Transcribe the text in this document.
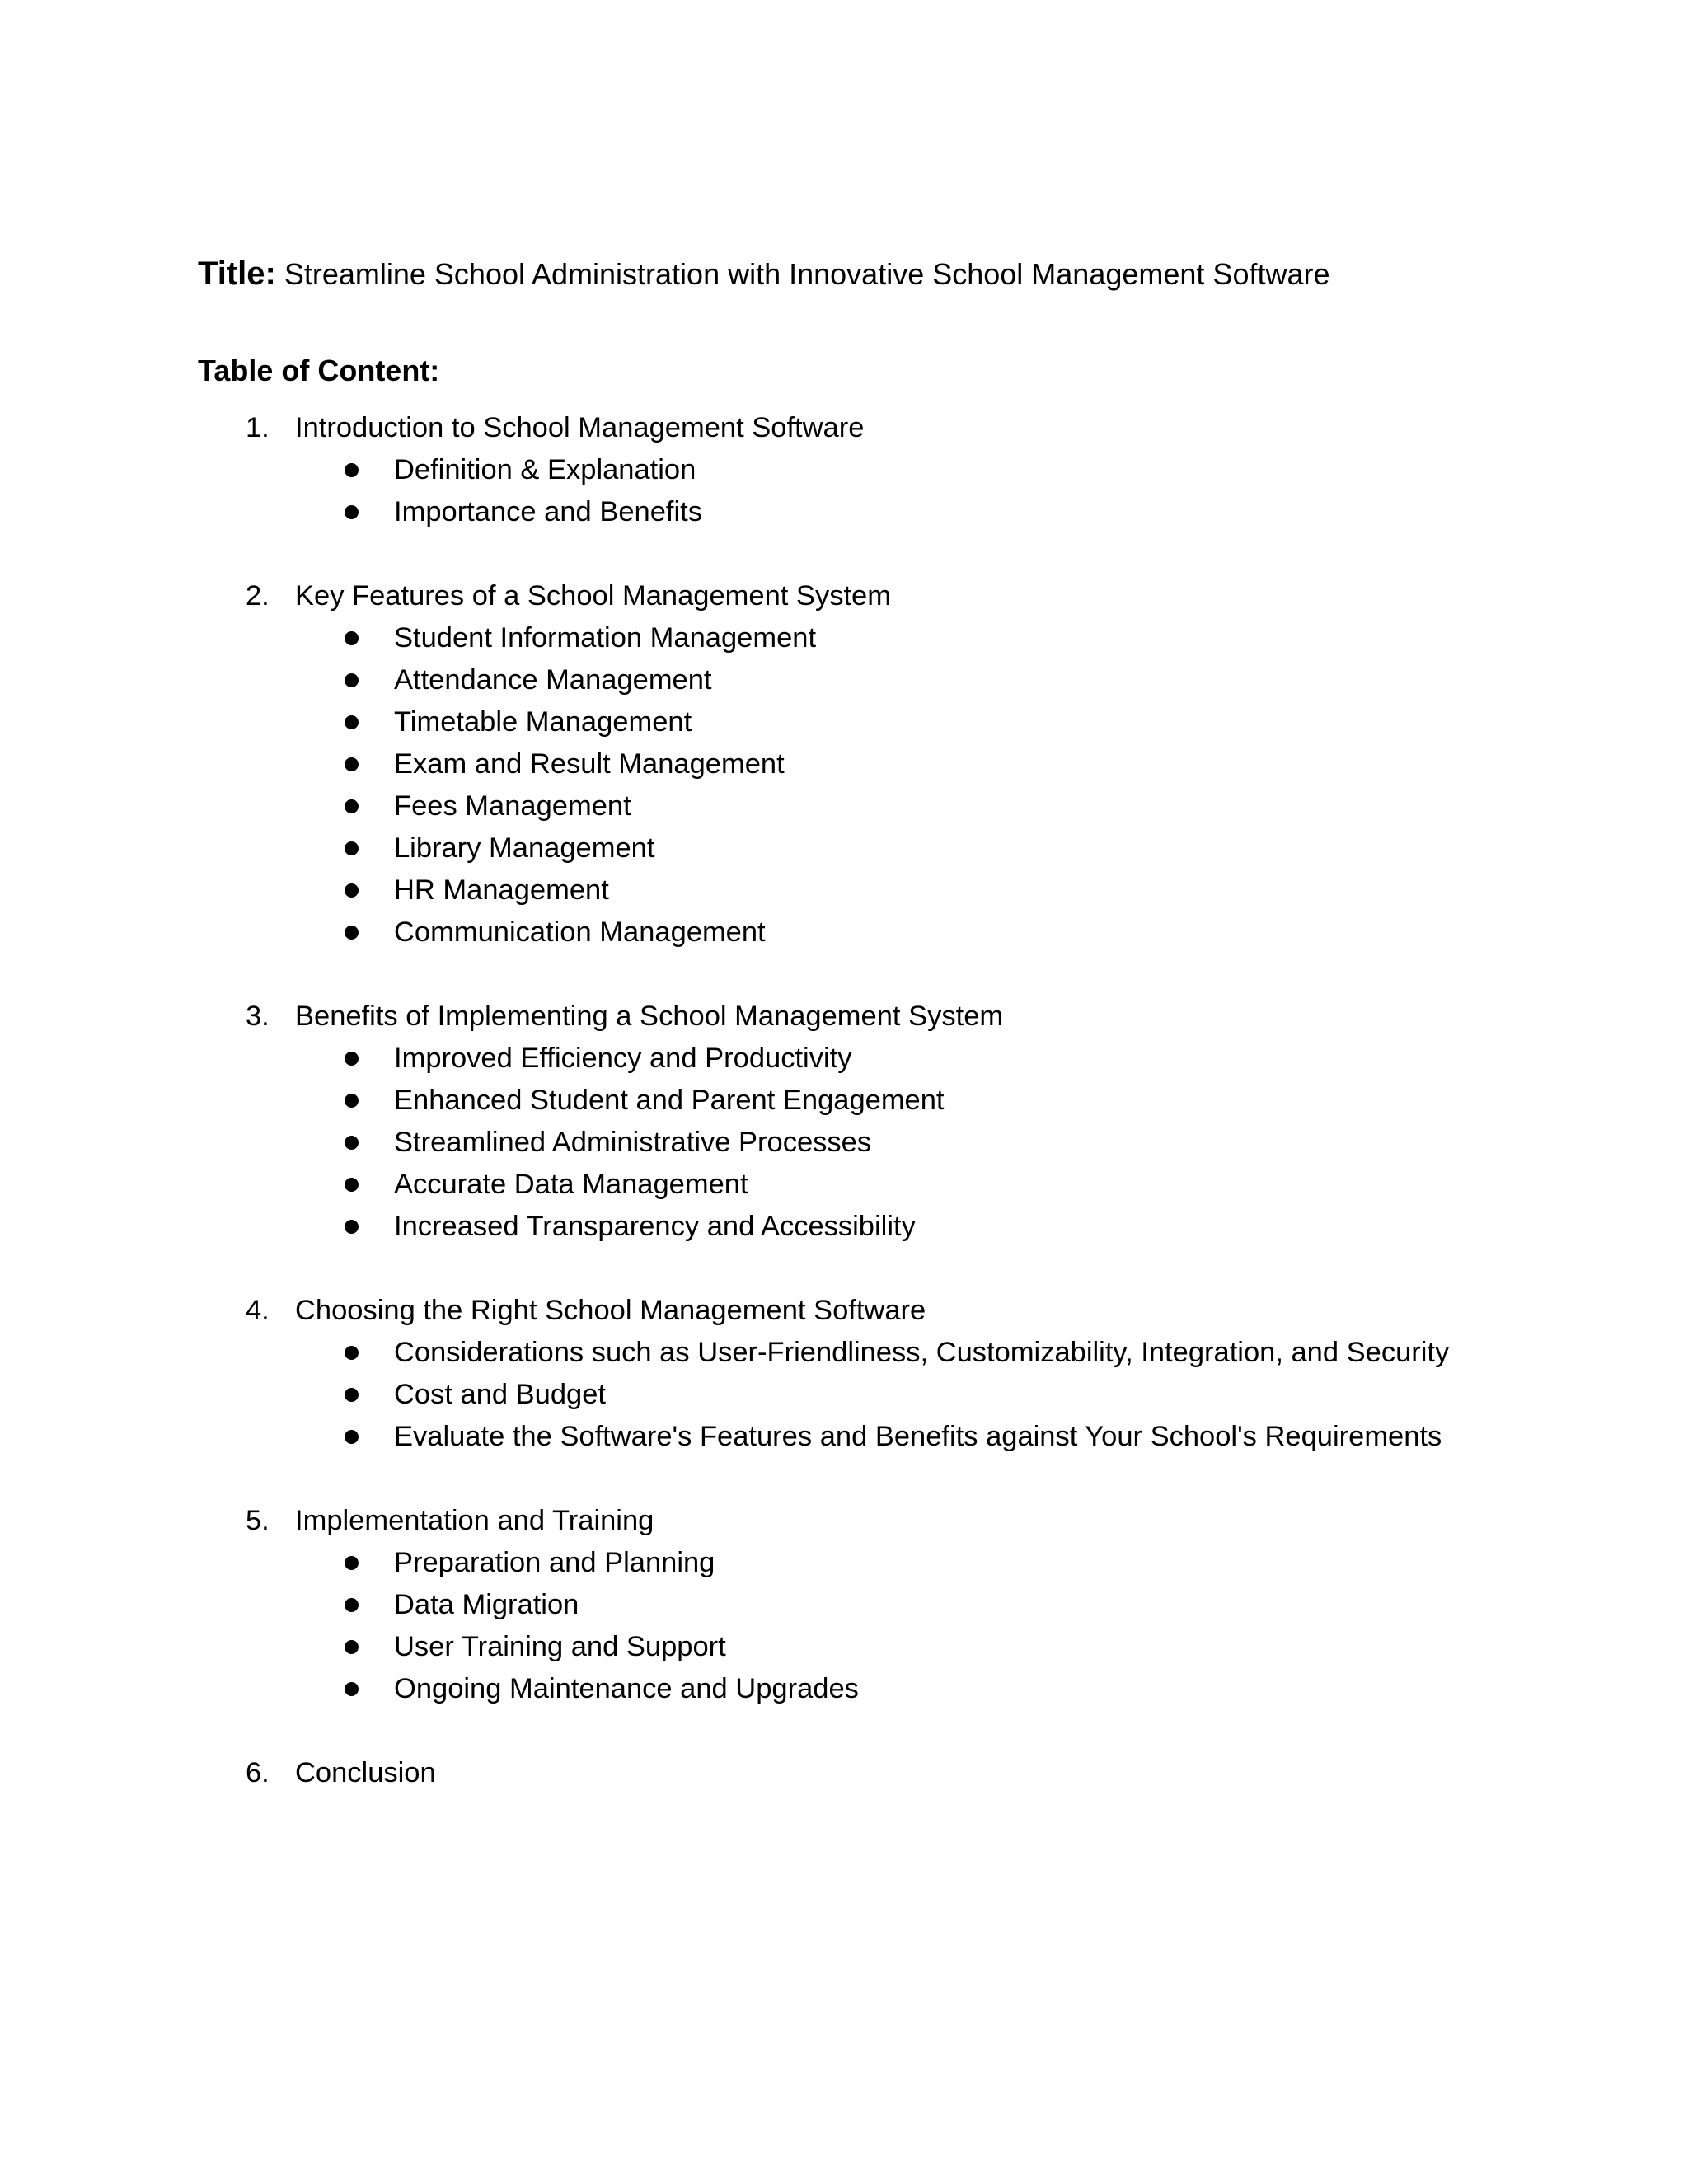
Title: Streamline School Administration with Innovative School Management Software
Table of Content:
1. Introduction to School Management Software
Definition & Explanation
Importance and Benefits
2. Key Features of a School Management System
Student Information Management
Attendance Management
Timetable Management
Exam and Result Management
Fees Management
Library Management
HR Management
Communication Management
3. Benefits of Implementing a School Management System
Improved Efficiency and Productivity
Enhanced Student and Parent Engagement
Streamlined Administrative Processes
Accurate Data Management
Increased Transparency and Accessibility
4. Choosing the Right School Management Software
Considerations such as User-Friendliness, Customizability, Integration, and Security
Cost and Budget
Evaluate the Software's Features and Benefits against Your School's Requirements
5. Implementation and Training
Preparation and Planning
Data Migration
User Training and Support
Ongoing Maintenance and Upgrades
6. Conclusion
